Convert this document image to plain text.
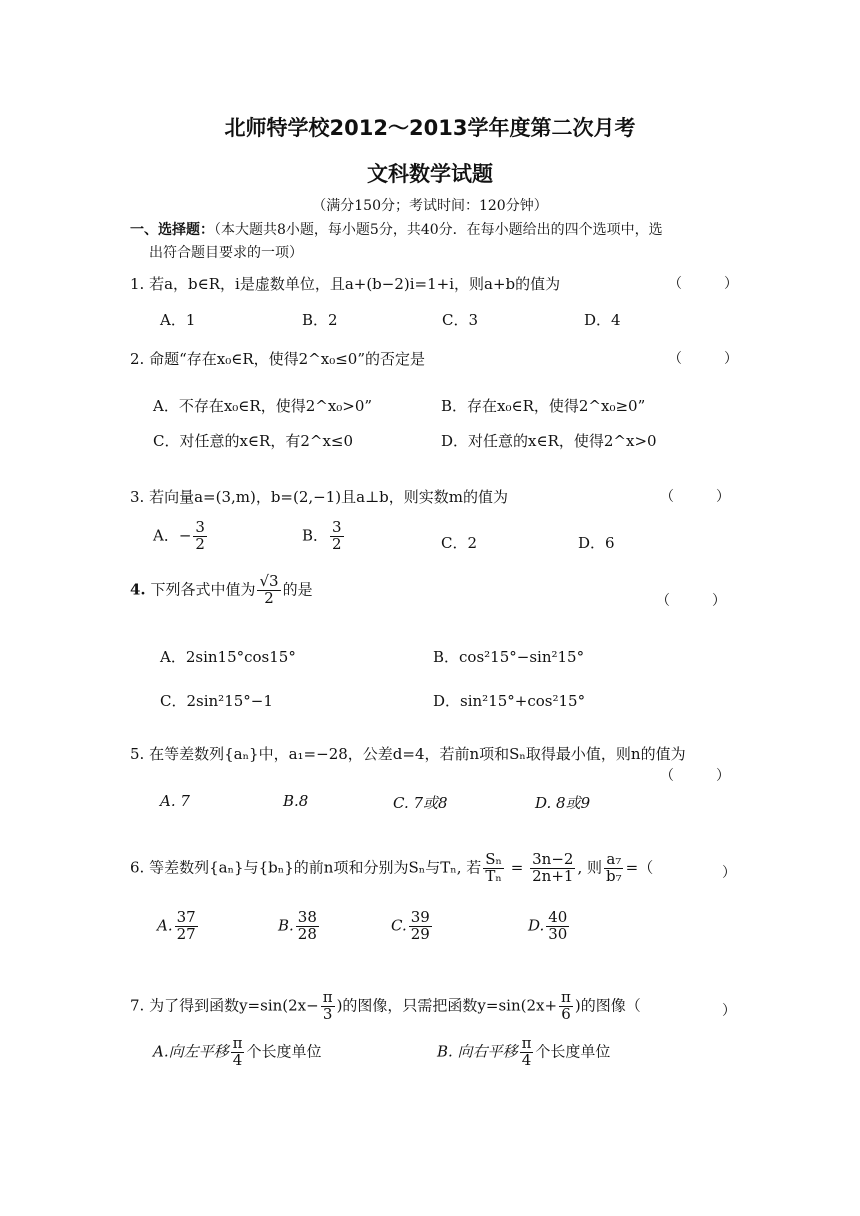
北师特学校2012～2013学年度第二次月考
文科数学试题
（满分150分；考试时间：120分钟）
一、选择题：（本大题共8小题，每小题5分，共40分．在每小题给出的四个选项中，选
出符合题目要求的一项）
1. 若a，b∈R，i是虚数单位，且a+(b−2)i=1+i，则a+b的值为	（　　　）
A．1	B．2	C．3	D．4
2. 命题“存在x₀∈R，使得2^x₀≤0”的否定是	（　　　）
A．不存在x₀∈R，使得2^x₀>0”	B．存在x₀∈R，使得2^x₀≥0”
C．对任意的x∈R，有2^x≤0	D．对任意的x∈R，使得2^x>0
3. 若向量a=(3,m)，b=(2,−1)且a⊥b，则实数m的值为	（　　　）
A．− $\frac{3}{2}$	B． $\frac{3}{2}$	C．2	D．6
4. 下列各式中值为 $\frac{√3}{2}$ 的是
（　　　）
A．2sin15°cos15°	B．cos²15°−sin²15°
C．2sin²15°−1	D．sin²15°+cos²15°
5. 在等差数列{aₙ}中，a₁=−28，公差d=4，若前n项和Sₙ取得最小值，则n的值为
（　　　）
A. 7	B.8	C. 7或8	D. 8或9
6. 等差数列{aₙ}与{bₙ}的前n项和分别为Sₙ与Tₙ, 若 $\frac{\text{Sₙ}}{\text{Tₙ}} = \frac{3n-2}{2n+1}$ , 则 $\frac{\text{a₇}}{\text{b₇}}$ =（	）
A. $\frac{37}{27}$	B. $\frac{38}{28}$	C. $\frac{39}{29}$	D. $\frac{40}{30}$
7. 为了得到函数$y=\sin(2x- \frac{\pi}{3}$ )的图像，只需把函数$y=\sin(2x+ \frac{\pi}{6}$ )的图像（	）
A.向左平移 $\frac{\pi}{4}$ 个长度单位	B. 向右平移 $\frac{\pi}{4}$ 个长度单位
